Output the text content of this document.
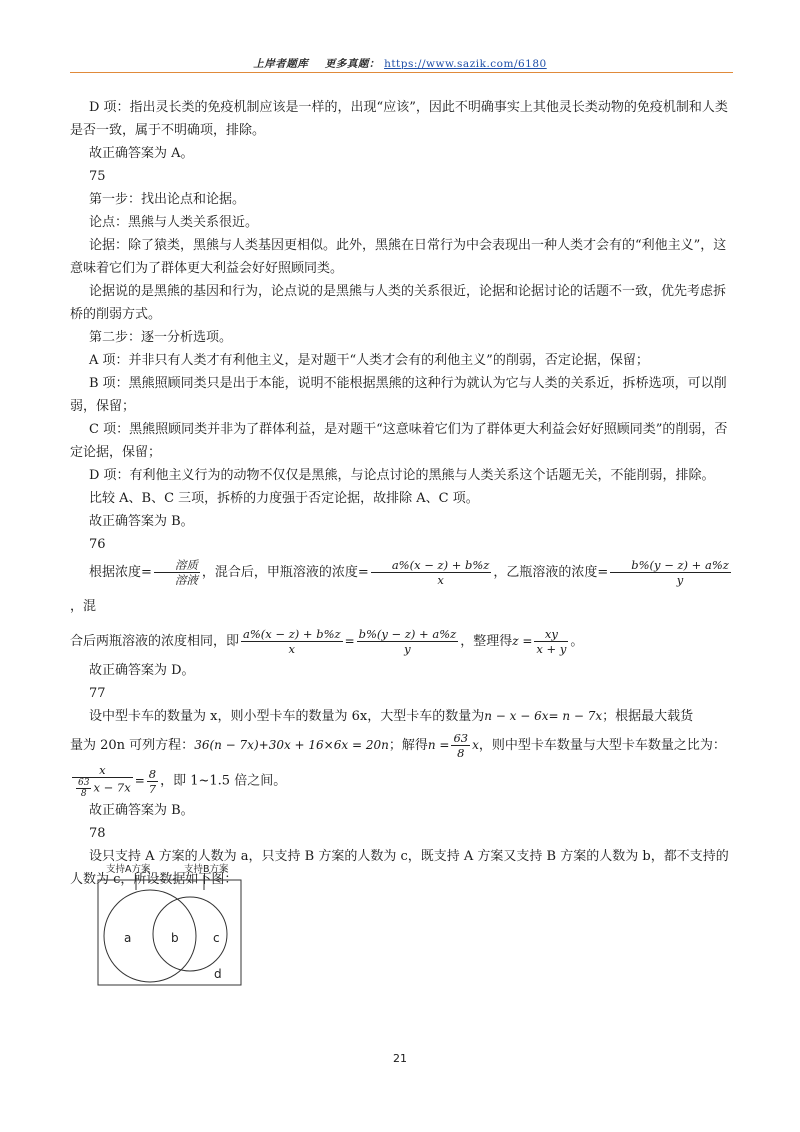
上岸者题库 更多真题： https://www.sazik.com/6180

D 项：指出灵长类的免疫机制应该是一样的，出现“应该”，因此不明确事实上其他灵长类动物的免疫机制和人类是否一致，属于不明确项，排除。

故正确答案为 A。

75

第一步：找出论点和论据。

论点：黑熊与人类关系很近。

论据：除了猿类，黑熊与人类基因更相似。此外，黑熊在日常行为中会表现出一种人类才会有的“利他主义”，这意味着它们为了群体更大利益会好好照顾同类。

论据说的是黑熊的基因和行为，论点说的是黑熊与人类的关系很近，论据和论据讨论的话题不一致，优先考虑拆桥的削弱方式。

第二步：逐一分析选项。

A 项：并非只有人类才有利他主义，是对题干“人类才会有的利他主义”的削弱，否定论据，保留；

B 项：黑熊照顾同类只是出于本能，说明不能根据黑熊的这种行为就认为它与人类的关系近，拆桥选项，可以削弱，保留；

C 项：黑熊照顾同类并非为了群体利益，是对题干“这意味着它们为了群体更大利益会好好照顾同类”的削弱，否定论据，保留；

D 项：有利他主义行为的动物不仅仅是黑熊，与论点讨论的黑熊与人类关系这个话题无关，不能削弱，排除。

比较 A、B、C 三项，拆桥的力度强于否定论据，故排除 A、C 项。

故正确答案为 B。

76

根据浓度= $\frac{\text{溶质}}{\text{溶液}}$ ，混合后，甲瓶溶液的浓度= $\frac{a\%(x - z) + b\%z}{x}$ ，乙瓶溶液的浓度= $\frac{b\%(y - z) + a\%z}{y}$
，混

合后两瓶溶液的浓度相同，即 $\frac{a\%(x - z) + b\%z}{x} = \frac{b\%(y - z) + a\%z}{y}$ ，整理得$z = \frac{xy}{x + y}$ 。

故正确答案为 D。

77

设中型卡车的数量为 x，则小型卡车的数量为 6x，大型卡车的数量为n − x − 6x= n − 7x；根据最大载货

量为 20n 可列方程：36(n − 7x)+30x + 16×6x = 20n；解得$n = \frac{63}{8}$ x，则中型卡车数量与大型卡车数量之比为：

$\frac{x}{\frac{63}{8} x - 7x} = \frac{8}{7}$ ，即 1~1.5 倍之间。

故正确答案为 B。

78

设只支持 A 方案的人数为 a，只支持 B 方案的人数为 c，既支持 A 方案又支持 B 方案的人数为 b，都不支持的人数为 c，所设数据如下图：

支持A方案	支持B方案
a	b	c
d
21
